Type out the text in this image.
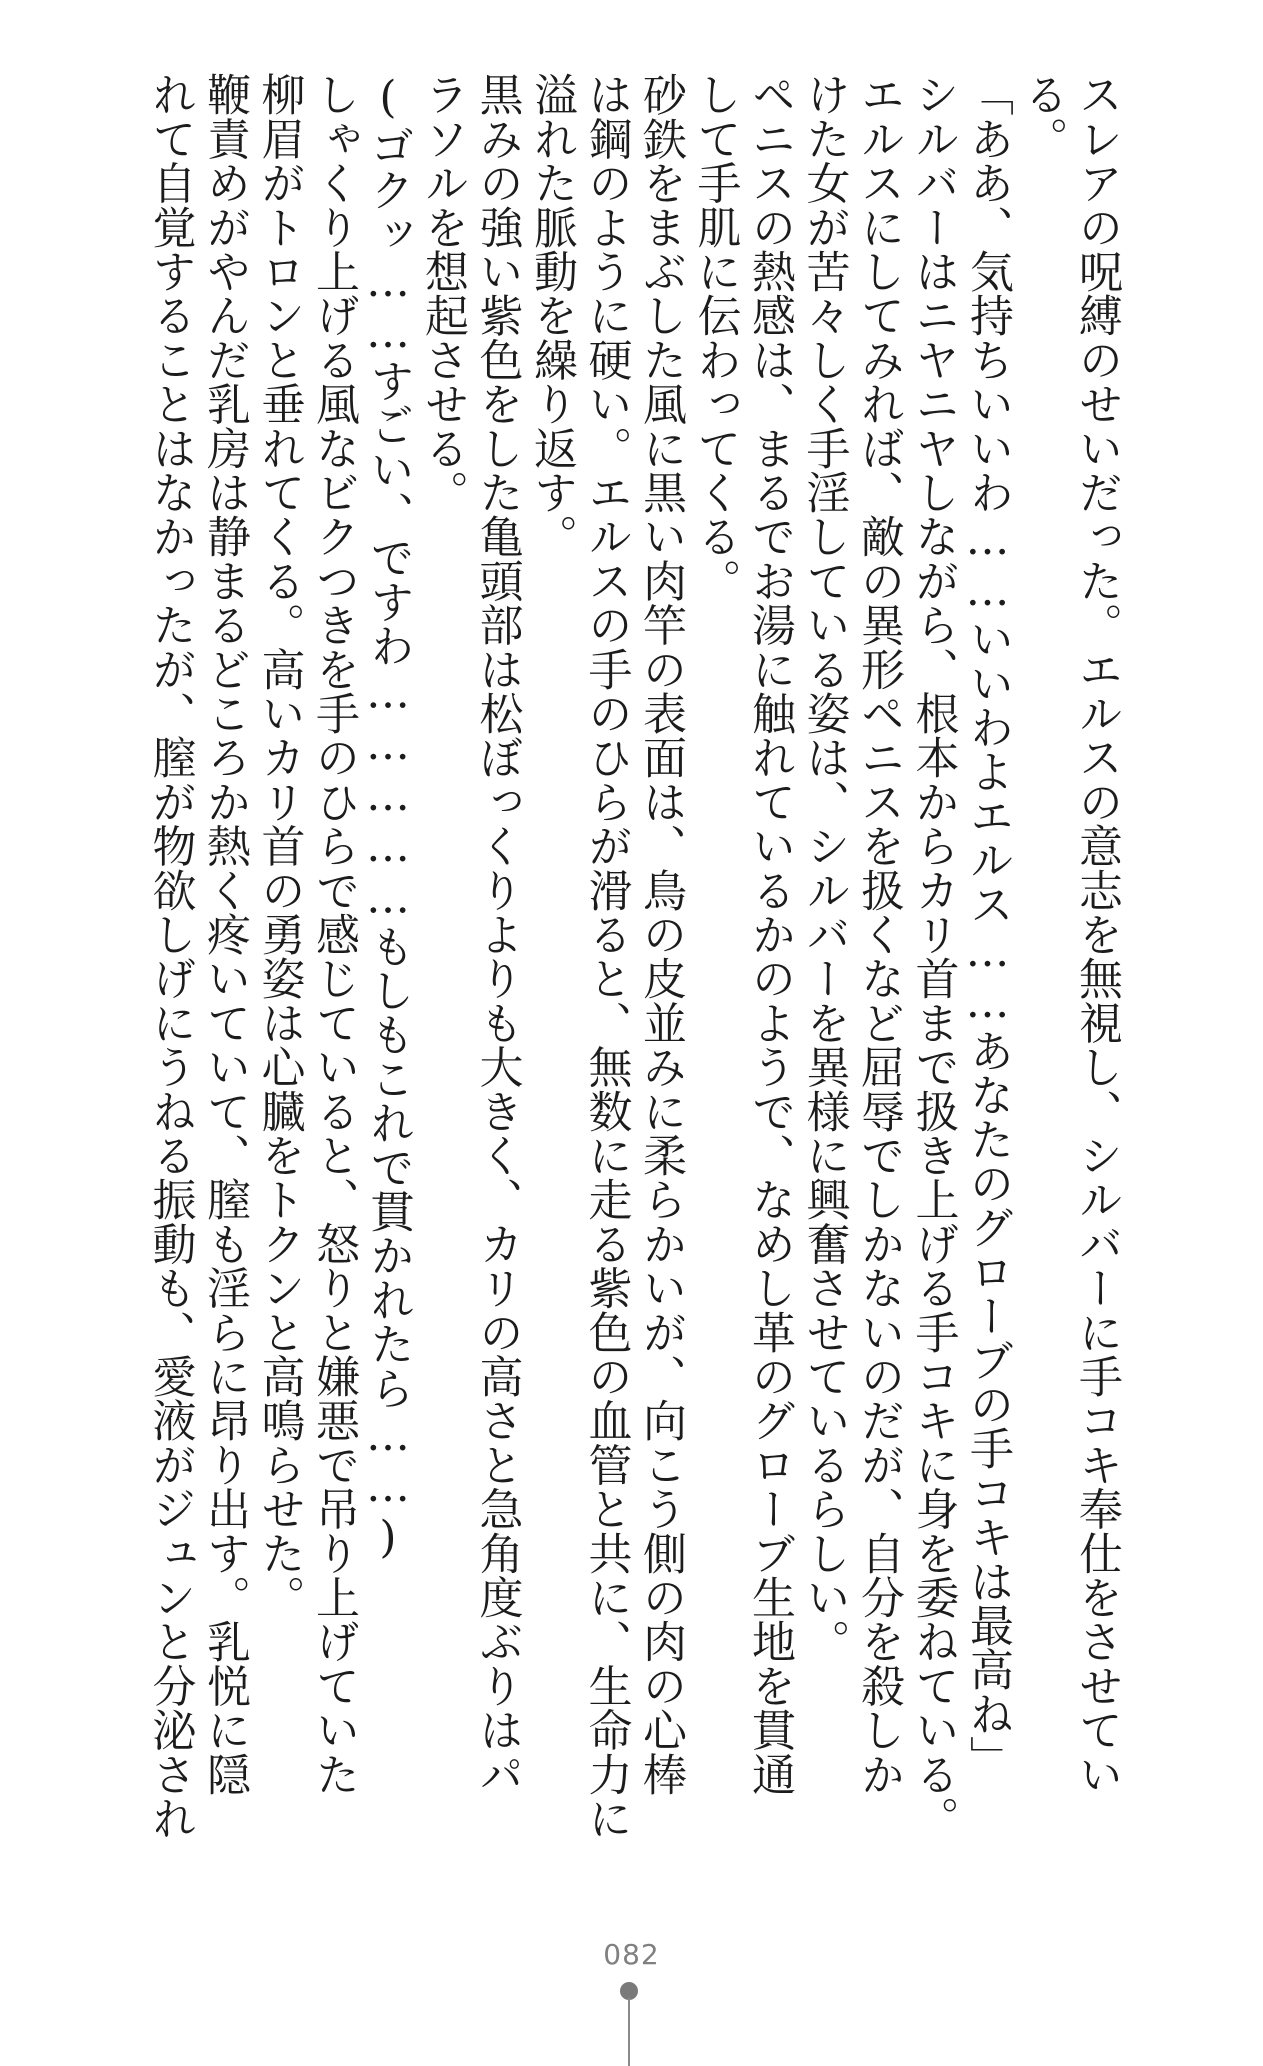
スレアの呪縛のせいだった。エルスの意志を無視し、シルバーに手コキ奉仕をさせてい
る。
「ああ、気持ちいいわ……いいわよエルス……あなたのグローブの手コキは最高ね」
シルバーはニヤニヤしながら、根本からカリ首まで扱き上げる手コキに身を委ねている。
エルスにしてみれば、敵の異形ペニスを扱くなど屈辱でしかないのだが、自分を殺しか
けた女が苦々しく手淫している姿は、シルバーを異様に興奮させているらしい。
ペニスの熱感は、まるでお湯に触れているかのようで、なめし革のグローブ生地を貫通
して手肌に伝わってくる。
砂鉄をまぶした風に黒い肉竿の表面は、鳥の皮並みに柔らかいが、向こう側の肉の心棒
は鋼のように硬い。エルスの手のひらが滑ると、無数に走る紫色の血管と共に、生命力に
溢れた脈動を繰り返す。
黒みの強い紫色をした亀頭部は松ぼっくりよりも大きく、カリの高さと急角度ぶりはパ
ラソルを想起させる。
(ゴクッ……すごい、ですわ……………もしもこれで貫かれたら……)
しゃくり上げる風なビクつきを手のひらで感じていると、怒りと嫌悪で吊り上げていた
柳眉がトロンと垂れてくる。高いカリ首の勇姿は心臓をトクンと高鳴らせた。
鞭責めがやんだ乳房は静まるどころか熱く疼いていて、膣も淫らに昂り出す。乳悦に隠
れて自覚することはなかったが、膣が物欲しげにうねる振動も、愛液がジュンと分泌され
082
